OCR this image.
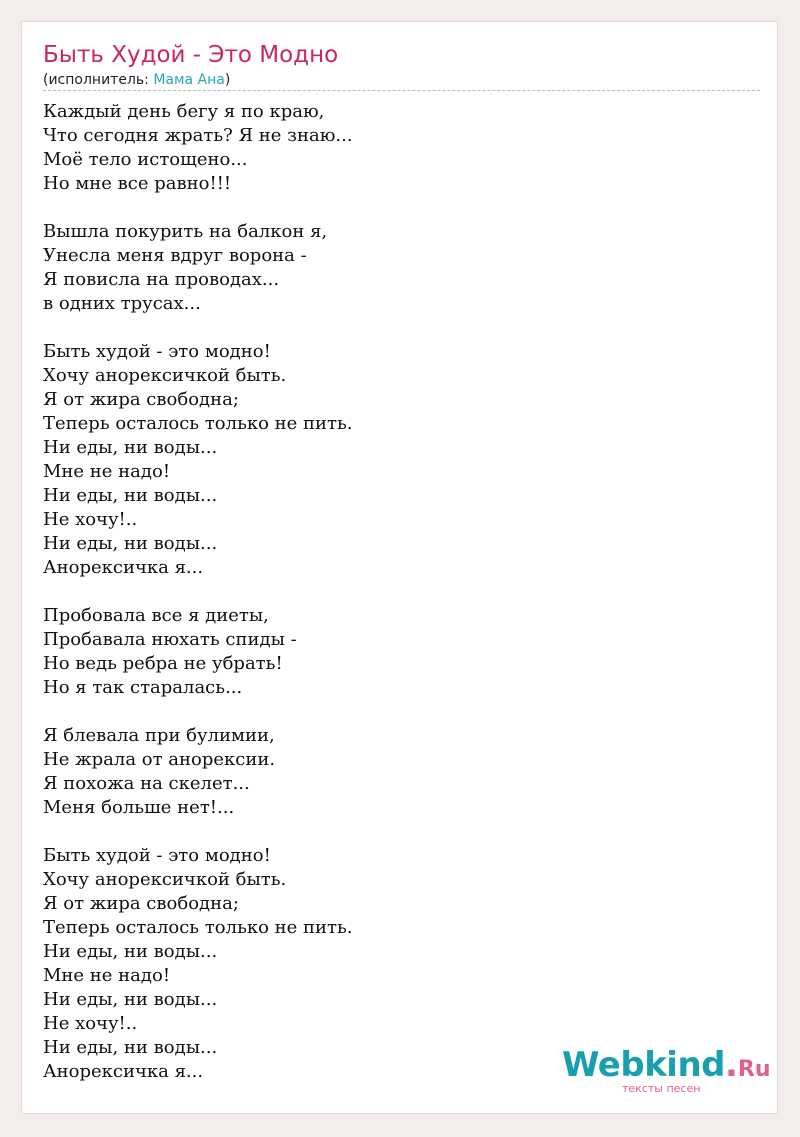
Быть Худой - Это Модно
(исполнитель: Мама Ана)
Каждый день бегу я по краю,
Что сегодня жрать? Я не знаю...
Моё тело истощено...
Но мне все равно!!!
Вышла покурить на балкон я,
Унесла меня вдруг ворона -
Я повисла на проводах...
в одних трусах...
Быть худой - это модно!
Хочу анорексичкой быть.
Я от жира свободна;
Теперь осталось только не пить.
Ни еды, ни воды...
Мне не надо!
Ни еды, ни воды...
Не хочу!..
Ни еды, ни воды...
Анорексичка я...
Пробовала все я диеты,
Пробавала нюхать спиды -
Но ведь ребра не убрать!
Но я так старалась...
Я блевала при булимии,
Не жрала от анорексии.
Я похожа на скелет...
Меня больше нет!...
Быть худой - это модно!
Хочу анорексичкой быть.
Я от жира свободна;
Теперь осталось только не пить.
Ни еды, ни воды...
Мне не надо!
Ни еды, ни воды...
Не хочу!..
Ни еды, ни воды...
Анорексичка я...	Webkind.Ru
тексты песен
